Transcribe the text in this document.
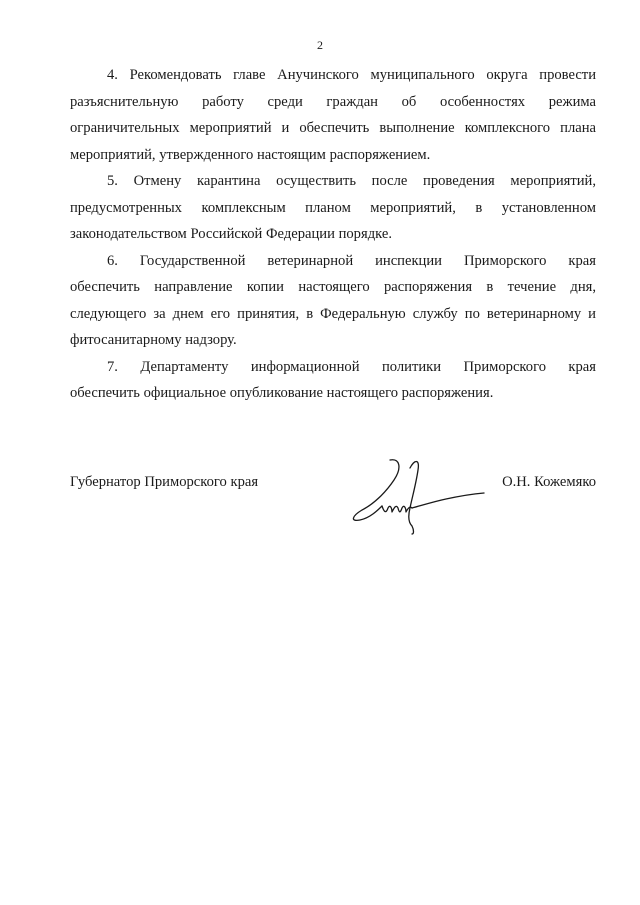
2

4. Рекомендовать главе Анучинского муниципального округа провести
разъяснительную работу среди граждан об особенностях режима
ограничительных мероприятий и обеспечить выполнение комплексного плана
мероприятий, утвержденного настоящим распоряжением.

5. Отмену карантина осуществить после проведения мероприятий,
предусмотренных комплексным планом мероприятий, в установленном
законодательством Российской Федерации порядке.

6. Государственной ветеринарной инспекции Приморского края
обеспечить направление копии настоящего распоряжения в течение дня,
следующего за днем его принятия, в Федеральную службу по ветеринарному и
фитосанитарному надзору.

7. Департаменту информационной политики Приморского края
обеспечить официальное опубликование настоящего распоряжения.

Губернатор Приморского края	О.Н. Кожемяко
